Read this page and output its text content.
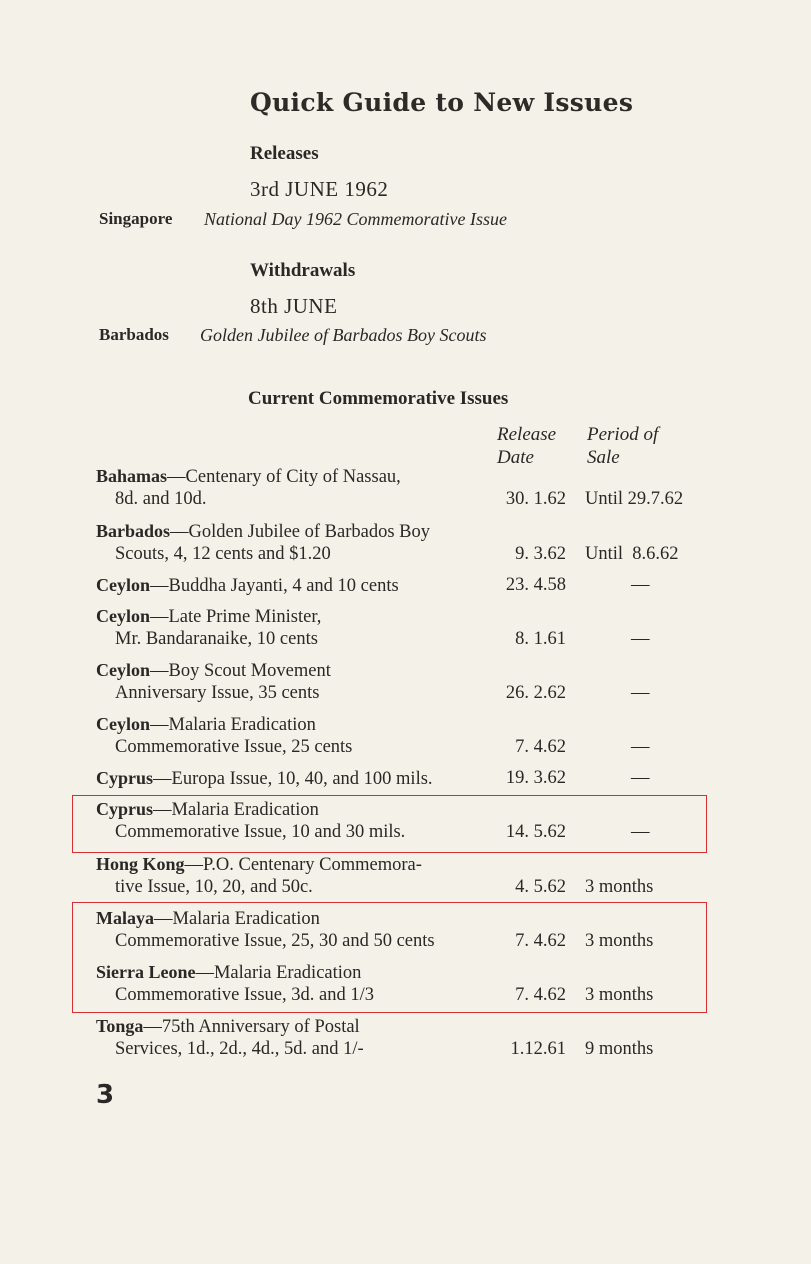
Quick Guide to New Issues
Releases
3rd JUNE 1962
Singapore National Day 1962 Commemorative Issue
Withdrawals
8th JUNE
Barbados Golden Jubilee of Barbados Boy Scouts
Current Commemorative Issues
Release
Date
Period of
Sale
Bahamas—Centenary of City of Nassau,
8d. and 10d.	30. 1.62 Until 29.7.62
Barbados—Golden Jubilee of Barbados Boy
Scouts, 4, 12 cents and $1.20	9. 3.62 Until  8.6.62
Ceylon—Buddha Jayanti, 4 and 10 cents	23. 4.58	—
Ceylon—Late Prime Minister,
Mr. Bandaranaike, 10 cents	8. 1.61	—
Ceylon—Boy Scout Movement
Anniversary Issue, 35 cents	26. 2.62	—
Ceylon—Malaria Eradication
Commemorative Issue, 25 cents	7. 4.62	—
Cyprus—Europa Issue, 10, 40, and 100 mils.	19. 3.62	—
Cyprus—Malaria Eradication
Commemorative Issue, 10 and 30 mils.	14. 5.62	—
Hong Kong—P.O. Centenary Commemora-
tive Issue, 10, 20, and 50c.	4. 5.62 3 months
Malaya—Malaria Eradication
Commemorative Issue, 25, 30 and 50 cents	7. 4.62 3 months
Sierra Leone—Malaria Eradication
Commemorative Issue, 3d. and 1/3	7. 4.62 3 months
Tonga—75th Anniversary of Postal
Services, 1d., 2d., 4d., 5d. and 1/-	1.12.61 9 months
3
